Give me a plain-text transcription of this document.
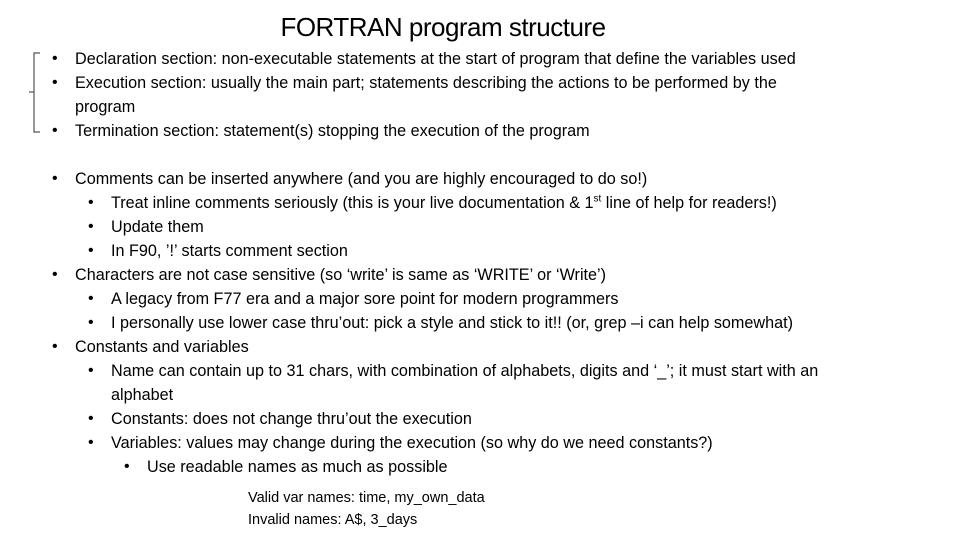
FORTRAN program structure
• Declaration section: non-executable statements at the start of program that define the variables used
• Execution section: usually the main part; statements describing the actions to be performed by the
program
• Termination section: statement(s) stopping the execution of the program
• Comments can be inserted anywhere (and you are highly encouraged to do so!)
• Treat inline comments seriously (this is your live documentation & 1st line of help for readers!)
• Update them
• In F90, ’!’ starts comment section
• Characters are not case sensitive (so ‘write’ is same as ‘WRITE’ or ‘Write’)
• A legacy from F77 era and a major sore point for modern programmers
• I personally use lower case thru’out: pick a style and stick to it!! (or, grep –i can help somewhat)
• Constants and variables
• Name can contain up to 31 chars, with combination of alphabets, digits and ‘_’; it must start with an
alphabet
• Constants: does not change thru’out the execution
• Variables: values may change during the execution (so why do we need constants?)
• Use readable names as much as possible
Valid var names: time, my_own_data
Invalid names: A$, 3_days
